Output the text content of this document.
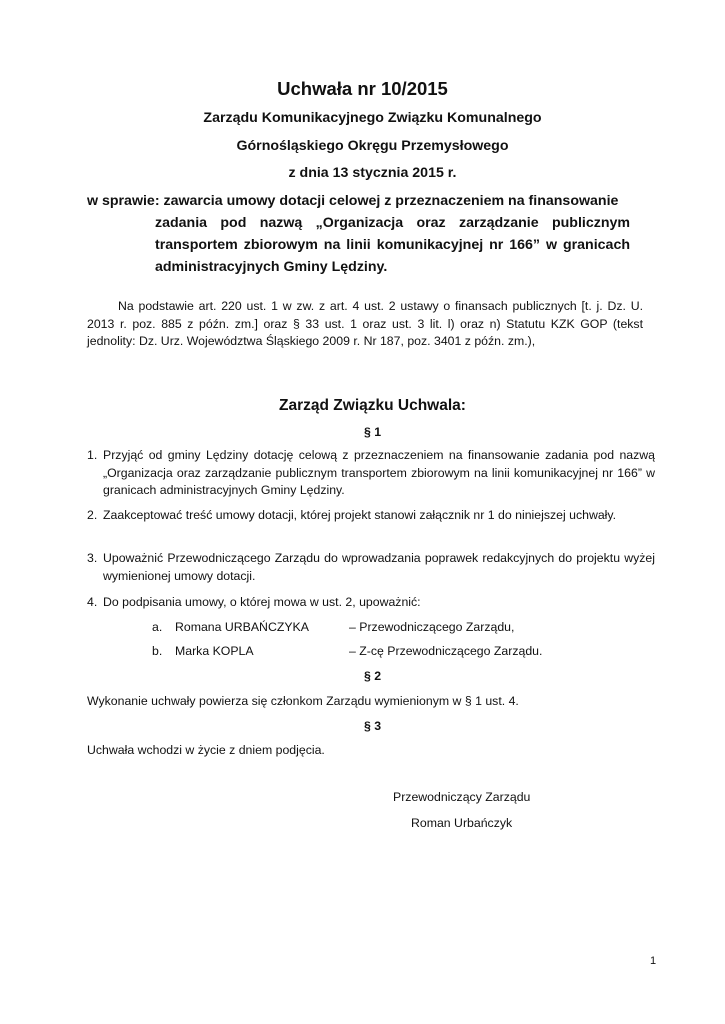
Uchwała nr 10/2015
Zarządu Komunikacyjnego Związku Komunalnego
Górnośląskiego Okręgu Przemysłowego
z dnia 13 stycznia 2015 r.
w sprawie: zawarcia umowy dotacji celowej z przeznaczeniem na finansowanie
zadania pod nazwą „Organizacja oraz zarządzanie publicznym transportem zbiorowym na linii komunikacyjnej nr 166” w granicach administracyjnych Gminy Lędziny.
Na podstawie art. 220 ust. 1 w zw. z art. 4 ust. 2 ustawy o finansach publicznych [t. j. Dz. U. 2013 r. poz. 885 z późn. zm.] oraz § 33 ust. 1 oraz ust. 3 lit. l) oraz n) Statutu KZK GOP (tekst jednolity: Dz. Urz. Województwa Śląskiego 2009 r. Nr 187, poz. 3401 z późn. zm.),
Zarząd Związku Uchwala:
§ 1
1. Przyjąć od gminy Lędziny dotację celową z przeznaczeniem na finansowanie zadania pod nazwą „Organizacja oraz zarządzanie publicznym transportem zbiorowym na linii komunikacyjnej nr 166” w granicach administracyjnych Gminy Lędziny.
2. Zaakceptować treść umowy dotacji, której projekt stanowi załącznik nr 1 do niniejszej uchwały.
3. Upoważnić Przewodniczącego Zarządu do wprowadzania poprawek redakcyjnych do projektu wyżej wymienionej umowy dotacji.
4. Do podpisania umowy, o której mowa w ust. 2, upoważnić:
a. Romana URBAŃCZYKA	– Przewodniczącego Zarządu,
b. Marka KOPLA	– Z-cę Przewodniczącego Zarządu.
§ 2
Wykonanie uchwały powierza się członkom Zarządu wymienionym w § 1 ust. 4.
§ 3
Uchwała wchodzi w życie z dniem podjęcia.
Przewodniczący Zarządu
Roman Urbańczyk
1
